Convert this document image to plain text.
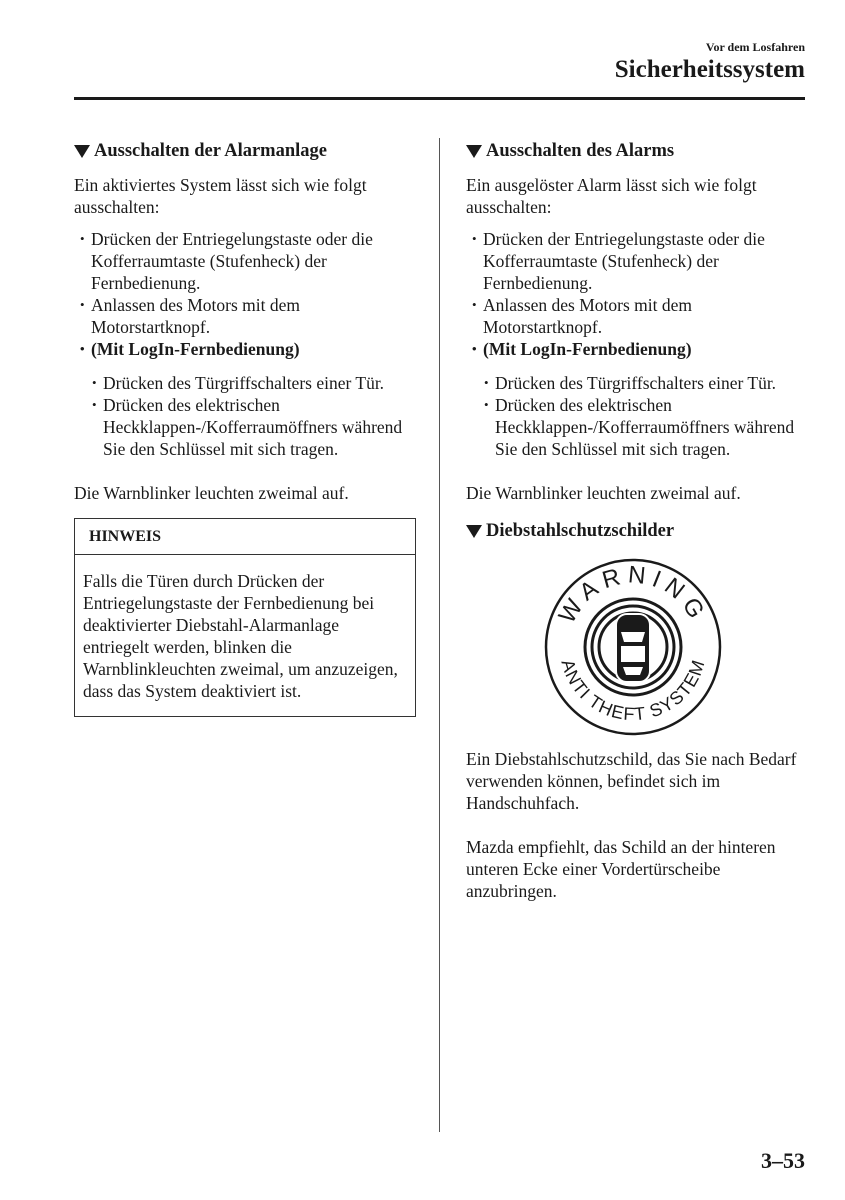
Vor dem Losfahren
Sicherheitssystem
Ausschalten der Alarmanlage

Ein aktiviertes System lässt sich wie folgt ausschalten:

• Drücken der Entriegelungstaste oder die Kofferraumtaste (Stufenheck) der Fernbedienung.
• Anlassen des Motors mit dem Motorstartknopf.
• (Mit LogIn-Fernbedienung)
• Drücken des Türgriffschalters einer Tür.
• Drücken des elektrischen Heckklappen-/Kofferraumöffners während Sie den Schlüssel mit sich tragen.

Die Warnblinker leuchten zweimal auf.

HINWEIS
Falls die Türen durch Drücken der Entriegelungstaste der Fernbedienung bei deaktivierter Diebstahl-Alarmanlage entriegelt werden, blinken die Warnblinkleuchten zweimal, um anzuzeigen, dass das System deaktiviert ist.
Ausschalten des Alarms

Ein ausgelöster Alarm lässt sich wie folgt ausschalten:

• Drücken der Entriegelungstaste oder die Kofferraumtaste (Stufenheck) der Fernbedienung.
• Anlassen des Motors mit dem Motorstartknopf.
• (Mit LogIn-Fernbedienung)
• Drücken des Türgriffschalters einer Tür.
• Drücken des elektrischen Heckklappen-/Kofferraumöffners während Sie den Schlüssel mit sich tragen.

Die Warnblinker leuchten zweimal auf.

Diebstahlschutzschilder
WARNING
ANTI THEFT SYSTEM

Ein Diebstahlschutzschild, das Sie nach Bedarf verwenden können, befindet sich im Handschuhfach.

Mazda empfiehlt, das Schild an der hinteren unteren Ecke einer Vordertürscheibe anzubringen.

3–53
